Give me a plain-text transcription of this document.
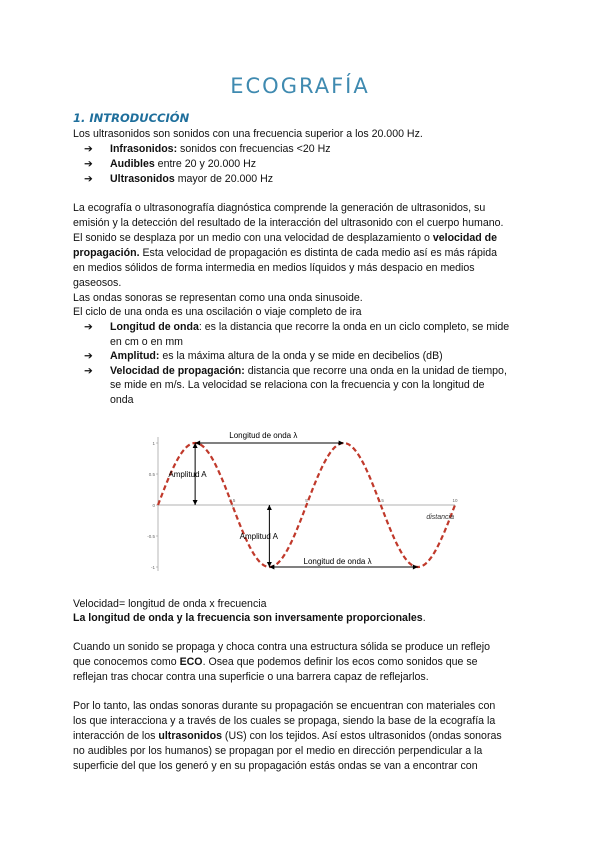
ECOGRAFÍA
1. INTRODUCCIÓN
Los ultrasonidos son sonidos con una frecuencia superior a los 20.000 Hz.
➔ Infrasonidos: sonidos con frecuencias <20 Hz
➔ Audibles entre 20 y 20.000 Hz
➔ Ultrasonidos mayor de 20.000 Hz
La ecografía o ultrasonografía diagnóstica comprende la generación de ultrasonidos, su
emisión y la detección del resultado de la interacción del ultrasonido con el cuerpo humano.
El sonido se desplaza por un medio con una velocidad de desplazamiento o velocidad de
propagación. Esta velocidad de propagación es distinta de cada medio así es más rápida
en medios sólidos de forma intermedia en medios líquidos y más despacio en medios
gaseosos.
Las ondas sonoras se representan como una onda sinusoide.
El ciclo de una onda es una oscilación o viaje completo de ira
➔ Longitud de onda: es la distancia que recorre la onda en un ciclo completo, se mide
en cm o en mm
➔ Amplitud: es la máxima altura de la onda y se mide en decibelios (dB)
➔ Velocidad de propagación: distancia que recorre una onda en la unidad de tiempo,
se mide en m/s. La velocidad se relaciona con la frecuencia y con la longitud de
onda
1
0.5
0
-0.5
-1
2.5	5	7.5	10
distancia
Longitud de onda λ
Longitud de onda λ
Amplitud A
Amplitud A
Velocidad= longitud de onda x frecuencia
La longitud de onda y la frecuencia son inversamente proporcionales.
Cuando un sonido se propaga y choca contra una estructura sólida se produce un reflejo
que conocemos como ECO. Osea que podemos definir los ecos como sonidos que se
reflejan tras chocar contra una superficie o una barrera capaz de reflejarlos.
Por lo tanto, las ondas sonoras durante su propagación se encuentran con materiales con
los que interacciona y a través de los cuales se propaga, siendo la base de la ecografía la
interacción de los ultrasonidos (US) con los tejidos. Así estos ultrasonidos (ondas sonoras
no audibles por los humanos) se propagan por el medio en dirección perpendicular a la
superficie del que los generó y en su propagación estás ondas se van a encontrar con
